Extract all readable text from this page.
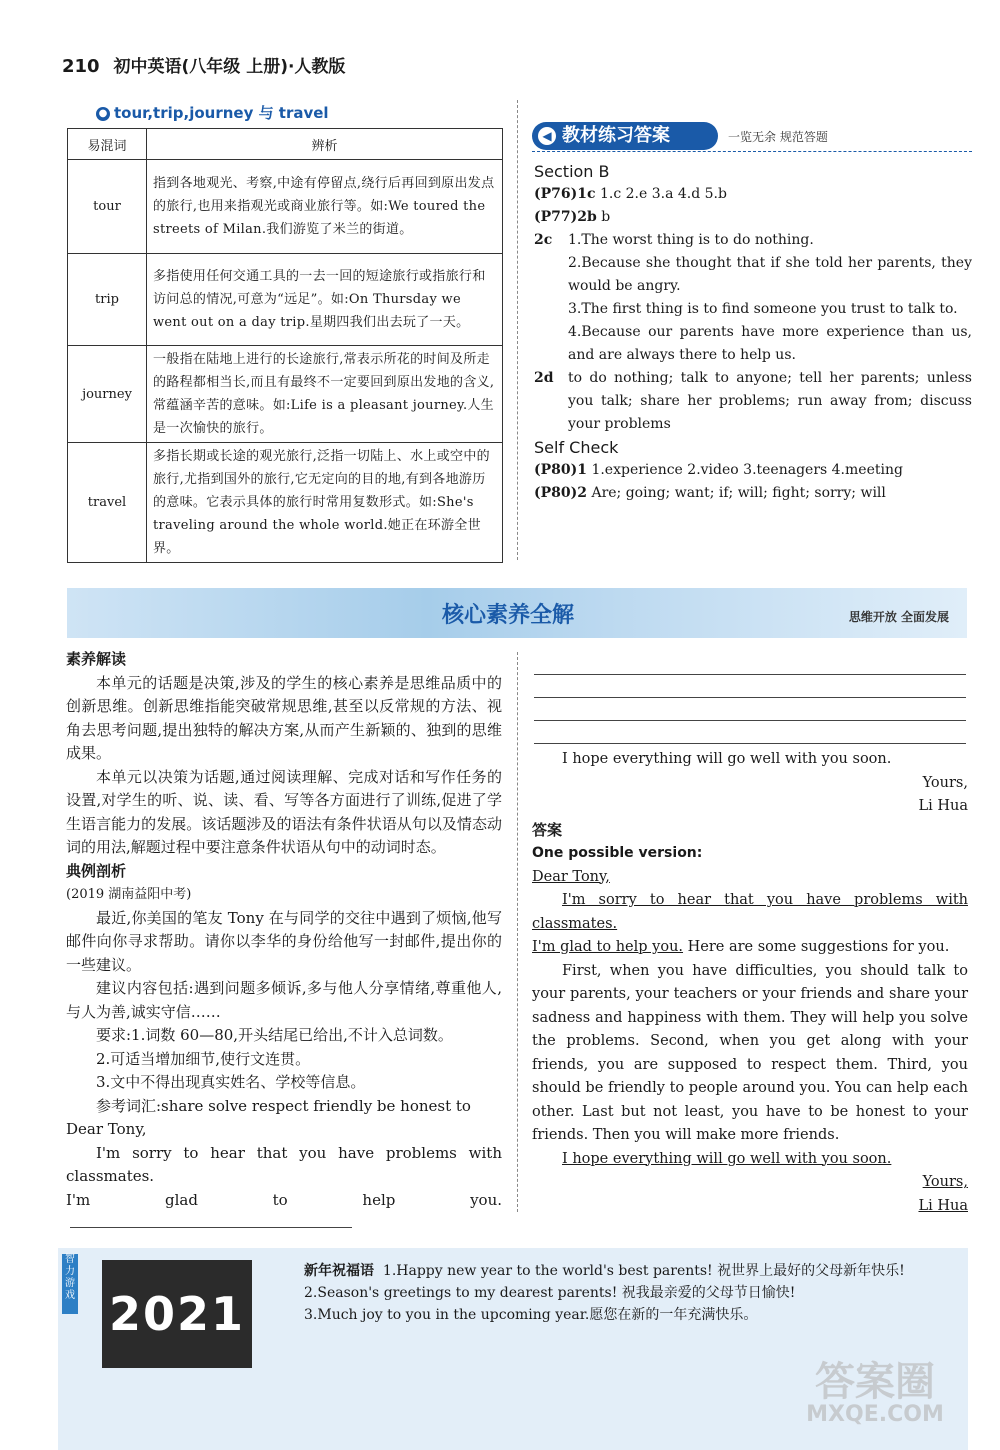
210 初中英语(八年级 上册)·人教版
● tour,trip,journey 与 travel
易混词	辨析
tour	指到各地观光、考察,中途有停留点,绕行后再回到原出发点的旅行,也用来指观光或商业旅行等。如:We toured the streets of Milan.我们游览了米兰的街道。
trip	多指使用任何交通工具的一去一回的短途旅行或指旅行和访问总的情况,可意为“远足”。如:On Thursday we went out on a day trip.星期四我们出去玩了一天。
journey	一般指在陆地上进行的长途旅行,常表示所花的时间及所走的路程都相当长,而且有最终不一定要回到原出发地的含义,常蕴涵辛苦的意味。如:Life is a pleasant journey.人生是一次愉快的旅行。
travel	多指长期或长途的观光旅行,泛指一切陆上、水上或空中的旅行,尤指到国外的旅行,它无定向的目的地,有到各地游历的意味。它表示具体的旅行时常用复数形式。如:She's traveling around the whole world.她正在环游全世界。
◀ 教材练习答案	一览无余 规范答题
Section B
(P76)1c 1.c 2.e 3.a 4.d 5.b
(P77)2b b
2c	1.The worst thing is to do nothing.
2.Because she thought that if she told her parents, they would be angry.
3.The first thing is to find someone you trust to talk to.
4.Because our parents have more experience than us, and are always there to help us.
2d	to do nothing; talk to anyone; tell her parents; unless you talk; share her problems; run away from; discuss your problems
Self Check
(P80)1 1.experience 2.video 3.teenagers 4.meeting
(P80)2 Are; going; want; if; will; fight; sorry; will
核心素养全解	思维开放 全面发展

素养解读

本单元的话题是决策,涉及的学生的核心素养是思维品质中的创新思维。创新思维指能突破常规思维,甚至以反常规的方法、视角去思考问题,提出独特的解决方案,从而产生新颖的、独到的思维成果。

本单元以决策为话题,通过阅读理解、完成对话和写作任务的设置,对学生的听、说、读、看、写等各方面进行了训练,促进了学生语言能力的发展。该话题涉及的语法有条件状语从句以及情态动词的用法,解题过程中要注意条件状语从句中的动词时态。

典例剖析

(2019 湖南益阳中考)

最近,你美国的笔友 Tony 在与同学的交往中遇到了烦恼,他写邮件向你寻求帮助。请你以李华的身份给他写一封邮件,提出你的一些建议。

建议内容包括:遇到问题多倾诉,多与他人分享情绪,尊重他人,与人为善,诚实守信……

要求:1.词数 60—80,开头结尾已给出,不计入总词数。

2.可适当增加细节,使行文连贯。

3.文中不得出现真实姓名、学校等信息。

参考词汇:share solve respect friendly be honest to

Dear Tony,

I'm sorry to hear that you have problems with classmates.

I'm glad to help you.

I hope everything will go well with you soon.

Yours,

Li Hua

答案

One possible version:

Dear Tony,

I'm sorry to hear that you have problems with classmates.

I'm glad to help you. Here are some suggestions for you.

First, when you have difficulties, you should talk to your parents, your teachers or your friends and share your sadness and happiness with them. They will help you solve the problems. Second, when you get along with your friends, you are supposed to respect them. Third, you should be friendly to people around you. You can help each other. Last but not least, you have to be honest to your friends. Then you will make more friends.

I hope everything will go well with you soon.

Yours,

Li Hua

智力游戏 2021
新年祝福语 1.Happy new year to the world's best parents! 祝世界上最好的父母新年快乐!
2.Season's greetings to my dearest parents! 祝我最亲爱的父母节日愉快!
3.Much joy to you in the upcoming year.愿您在新的一年充满快乐。
答案圈
MXQE.COM
